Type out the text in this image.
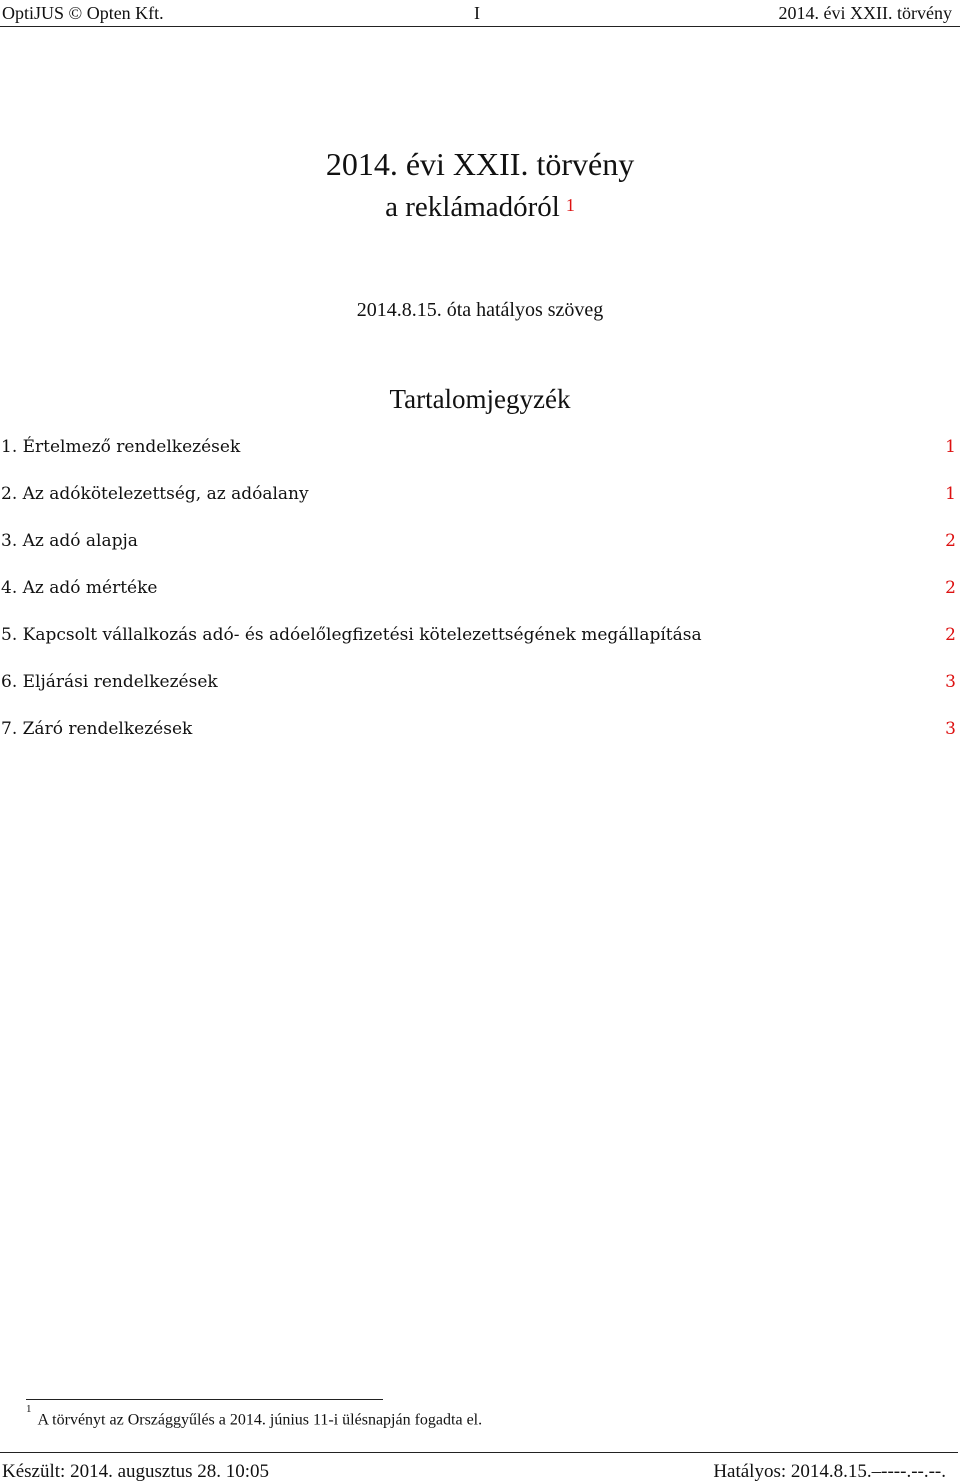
OptiJUS © Opten Kft.	I	2014. évi XXII. törvény
2014. évi XXII. törvény
a reklámadóról $^1$
2014.8.15. óta hatályos szöveg
Tartalomjegyzék
1. Értelmező rendelkezések	1
2. Az adókötelezettség, az adóalany	1
3. Az adó alapja	2
4. Az adó mértéke	2
5. Kapcsolt vállalkozás adó- és adóelőlegfizetési kötelezettségének megállapítása	2
6. Eljárási rendelkezések	3
7. Záró rendelkezések	3
$^1$A törvényt az Országgyűlés a 2014. június 11-i ülésnapján fogadta el.
Készült: 2014. augusztus 28. 10:05	Hatályos: 2014.8.15.–----.--.--.
